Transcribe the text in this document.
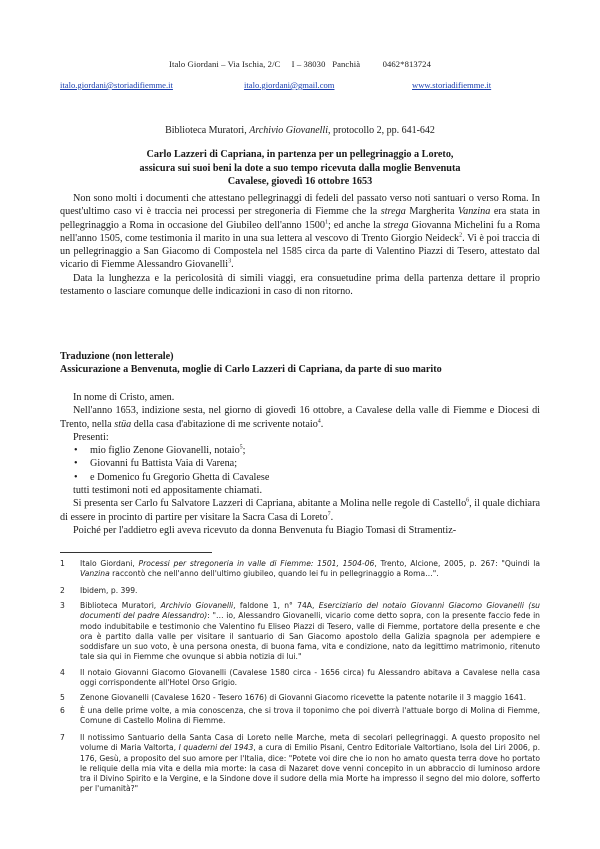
Italo Giordani – Via Ischia, 2/C     I – 38030   Panchià          0462*813724
italo.giordani@storiadifiemme.it	italo.giordani@gmail.com	www.storiadifiemme.it
Biblioteca Muratori, Archivio Giovanelli, protocollo 2, pp. 641-642
Carlo Lazzeri di Capriana, in partenza per un pellegrinaggio a Loreto,
assicura sui suoi beni la dote a suo tempo ricevuta dalla moglie Benvenuta
Cavalese, giovedì 16 ottobre 1653

Non sono molti i documenti che attestano pellegrinaggi di fedeli del passato verso noti santuari o verso Roma. In quest'ultimo caso vi è traccia nei processi per stregoneria di Fiemme che la strega Margherita Vanzina era stata in pellegrinaggio a Roma in occasione del Giubileo dell'anno 1500$^1$; ed anche la strega Giovanna Michelini fu a Roma nell'anno 1505, come testimonia il marito in una sua lettera al vescovo di Trento Giorgio Neideck$^2$. Vi è poi traccia di un pellegrinaggio a San Giacomo di Compostela nel 1585 circa da parte di Valentino Piazzi di Tesero, attestato dal vicario di Fiemme Alessandro Giovanelli$^3$.

Data la lunghezza e la pericolosità di simili viaggi, era consuetudine prima della partenza dettare il proprio testamento o lasciare comunque delle indicazioni in caso di non ritorno.

Traduzione (non letterale)
Assicurazione a Benvenuta, moglie di Carlo Lazzeri di Capriana, da parte di suo marito

In nome di Cristo, amen.

Nell'anno 1653, indizione sesta, nel giorno di giovedì 16 ottobre, a Cavalese della valle di Fiemme e Diocesi di Trento, nella stüa della casa d'abitazione di me scrivente notaio$^4$.

Presenti:

• mio figlio Zenone Giovanelli, notaio$^5$;
• Giovanni fu Battista Vaia di Varena;
• e Domenico fu Gregorio Ghetta di Cavalese

tutti testimoni noti ed appositamente chiamati.

Si presenta ser Carlo fu Salvatore Lazzeri di Capriana, abitante a Molina nelle regole di Castello$^6$, il quale dichiara di essere in procinto di partire per visitare la Sacra Casa di Loreto$^7$.

Poiché per l'addietro egli aveva ricevuto da donna Benvenuta fu Biagio Tomasi di Stramentiz-

1	Italo Giordani, Processi per stregoneria in valle di Fiemme: 1501, 1504-06, Trento, Alcione, 2005, p. 267: "Quindi la Vanzina raccontò che nell'anno dell'ultimo giubileo, quando lei fu in pellegrinaggio a Roma…".
2	Ibidem, p. 399.
3	Biblioteca Muratori, Archivio Giovanelli, faldone 1, n° 74A, Eserciziario del notaio Giovanni Giacomo Giovanelli (su documenti del padre Alessandro): "… io, Alessandro Giovanelli, vicario come detto sopra, con la presente faccio fede in modo indubitabile e testimonio che Valentino fu Eliseo Piazzi di Tesero, valle di Fiemme, portatore della presente e che ora è partito dalla valle per visitare il santuario di San Giacomo apostolo della Galizia spagnola per adempiere e soddisfare un suo voto, è una persona onesta, di buona fama, vita e condizione, nato da legittimo matrimonio, ritenuto tale sia qui in Fiemme che ovunque si abbia notizia di lui."
4	Il notaio Giovanni Giacomo Giovanelli (Cavalese 1580 circa - 1656 circa) fu Alessandro abitava a Cavalese nella casa oggi corrispondente all'Hotel Orso Grigio.
5	Zenone Giovanelli (Cavalese 1620 - Tesero 1676) di Giovanni Giacomo ricevette la patente notarile il 3 maggio 1641.
6	È una delle prime volte, a mia conoscenza, che si trova il toponimo che poi diverrà l'attuale borgo di Molina di Fiemme, Comune di Castello Molina di Fiemme.
7	Il notissimo Santuario della Santa Casa di Loreto nelle Marche, meta di secolari pellegrinaggi. A questo proposito nel volume di Maria Valtorta, I quaderni del 1943, a cura di Emilio Pisani, Centro Editoriale Valtortiano, Isola del Liri 2006, p. 176, Gesù, a proposito del suo amore per l'Italia, dice: "Potete voi dire che io non ho amato questa terra dove ho portato le reliquie della mia vita e della mia morte: la casa di Nazaret dove venni concepito in un abbraccio di luminoso ardore tra il Divino Spirito e la Vergine, e la Sindone dove il sudore della mia Morte ha impresso il segno del mio dolore, sofferto per l'umanità?"
